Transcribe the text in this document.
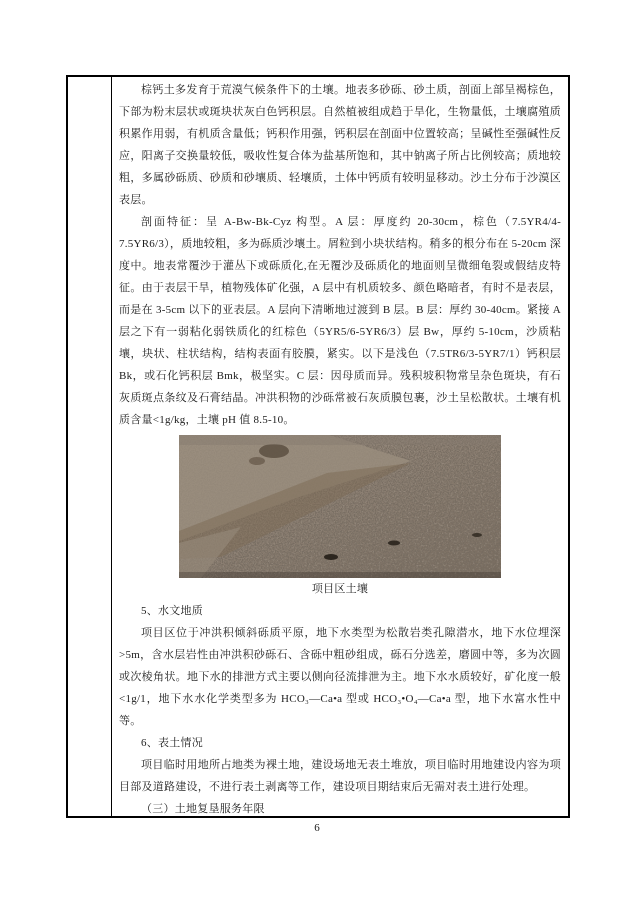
棕钙土多发育于荒漠气候条件下的土壤。地表多砂砾、砂土质，剖面上部呈褐棕色，下部为粉末层状或斑块状灰白色钙积层。自然植被组成趋于旱化，生物量低，土壤腐殖质积累作用弱，有机质含量低；钙积作用强，钙积层在剖面中位置较高；呈碱性至强碱性反应，阳离子交换量较低，吸收性复合体为盐基所饱和，其中钠离子所占比例较高；质地较粗，多属砂砾质、砂质和砂壤质、轻壤质，土体中钙质有较明显移动。沙土分布于沙漠区表层。

剖面特征：呈 A-Bw-Bk-Cyz 构型。A 层：厚度约 20-30cm，棕色（7.5YR4/4-7.5YR6/3），质地较粗，多为砾质沙壤土。屑粒到小块状结构。稍多的根分布在 5-20cm 深度中。地表常覆沙于灌丛下或砾质化,在无覆沙及砾质化的地面则呈微细龟裂或假结皮特征。由于表层干旱，植物残体矿化强，A 层中有机质较多、颜色略暗者，有时不是表层，而是在 3-5cm 以下的亚表层。A 层向下清晰地过渡到 B 层。B 层：厚约 30-40cm。紧接 A 层之下有一弱粘化弱铁质化的红棕色（5YR5/6-5YR6/3）层 Bw，厚约 5-10cm，沙质粘壤，块状、柱状结构，结构表面有胶膜，紧实。以下是浅色（7.5TR6/3-5YR7/1）钙积层 Bk，或石化钙积层 Bmk，极坚实。C 层：因母质而异。残积坡积物常呈杂色斑块，有石灰质斑点条纹及石膏结晶。冲洪积物的沙砾常被石灰质膜包裹，沙土呈松散状。土壤有机质含量<1g/kg，土壤 pH 值 8.5-10。

项目区土壤

5、水文地质

项目区位于冲洪积倾斜砾质平原，地下水类型为松散岩类孔隙潜水，地下水位埋深>5m，含水层岩性由冲洪积砂砾石、含砾中粗砂组成，砾石分选差，磨圆中等，多为次圆或次棱角状。地下水的排泄方式主要以侧向径流排泄为主。地下水水质较好，矿化度一般<1g/1，地下水水化学类型多为 HCO₃—Ca•a 型或 HCO₃•O₄—Ca•a 型，地下水富水性中等。

6、表土情况

项目临时用地所占地类为裸土地，建设场地无表土堆放，项目临时用地建设内容为项目部及道路建设，不进行表土剥离等工作，建设项目期结束后无需对表土进行处理。

（三）土地复垦服务年限

6
